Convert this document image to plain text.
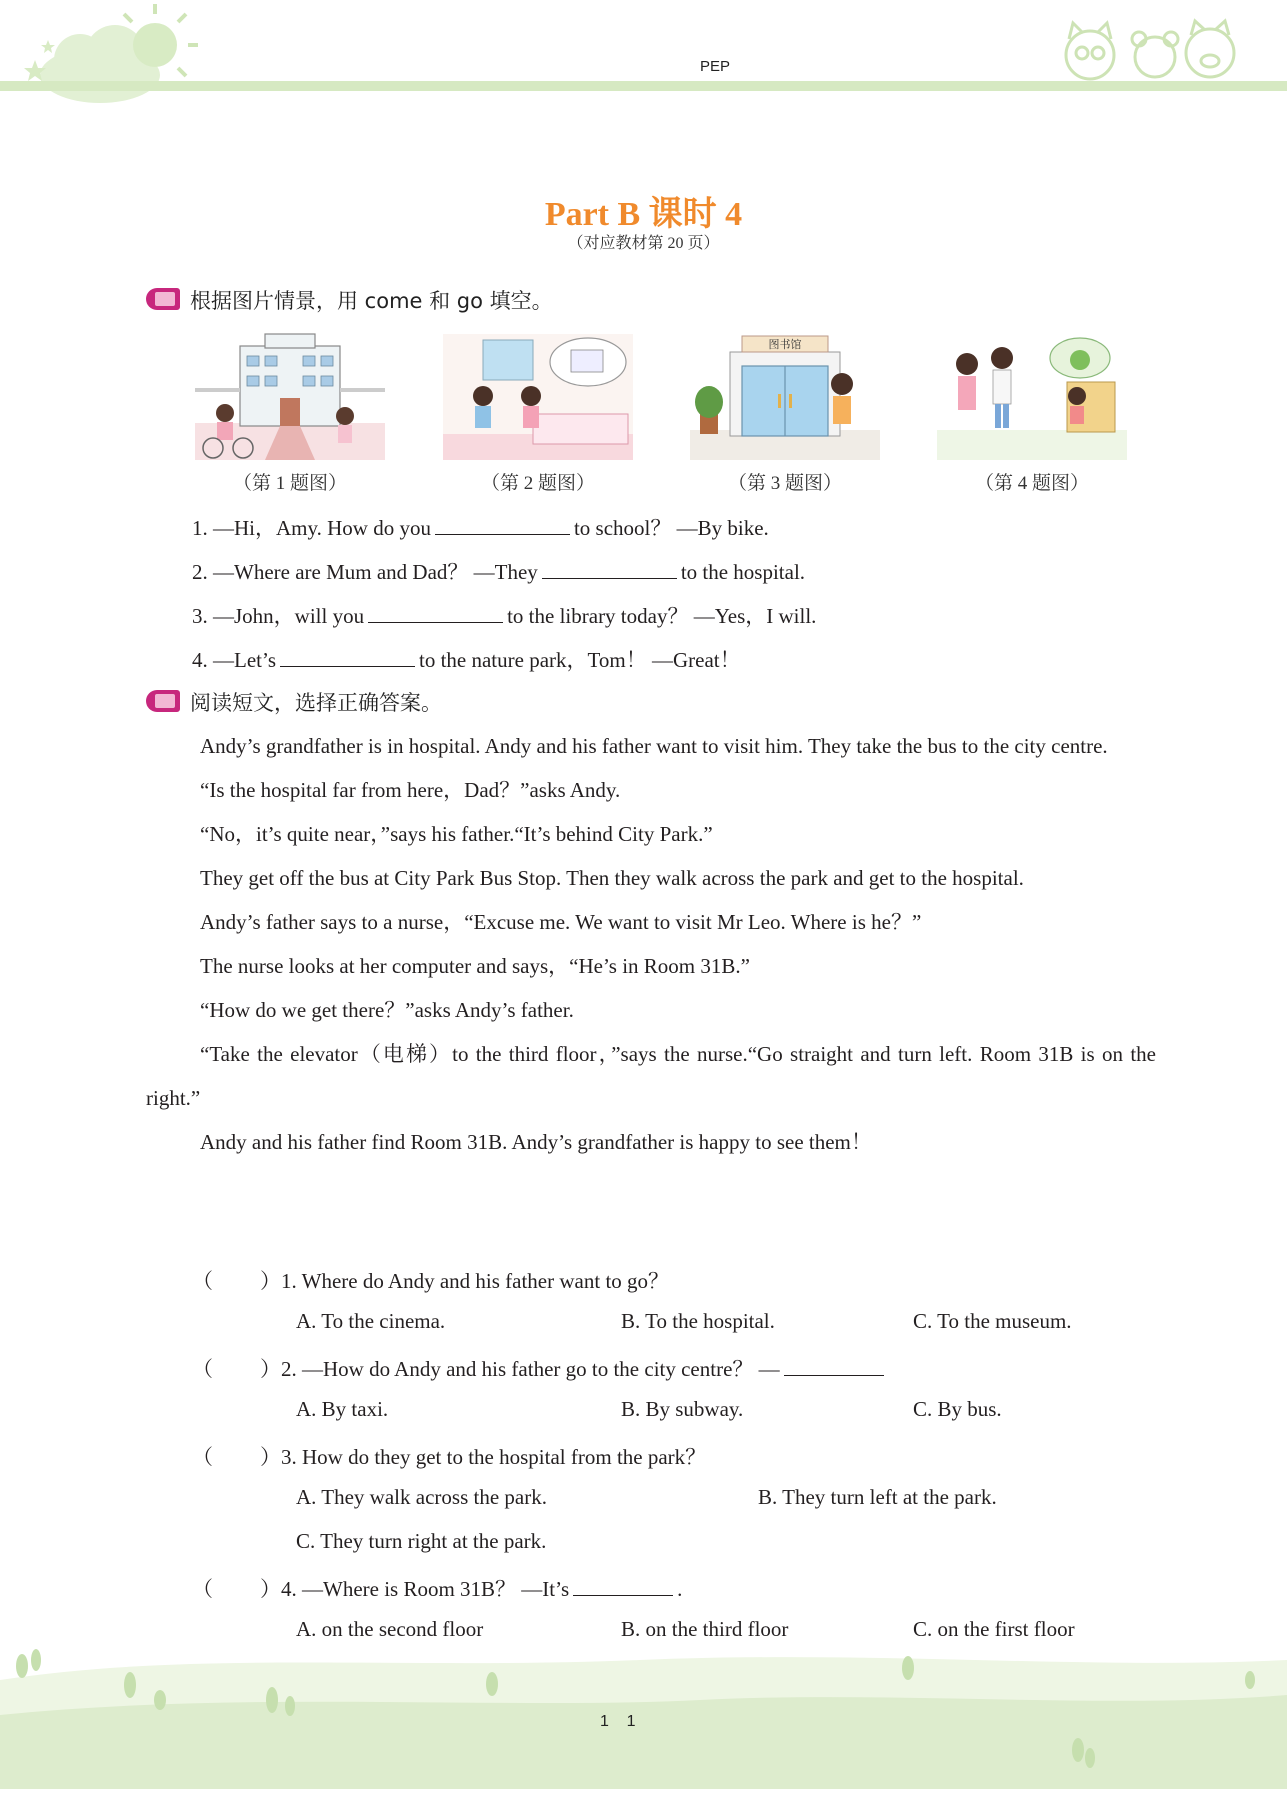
PEP
Part B 课时 4
（对应教材第 20 页）
根据图片情景，用 come 和 go 填空。
图书馆
（第 1 题图）	（第 2 题图）	（第 3 题图）	（第 4 题图）
1. —Hi，Amy. How do you	to school？ —By bike.
2. —Where are Mum and Dad？ —They	to the hospital.
3. —John，will you	to the library today？ —Yes，I will.
4. —Let’s	to the nature park，Tom！ —Great！
阅读短文，选择正确答案。
Andy’s grandfather is in hospital. Andy and his father want to visit him. They take the bus to the city centre.
“Is the hospital far from here，Dad？”asks Andy.
“No，it’s quite near，”says his father.“It’s behind City Park.”
They get off the bus at City Park Bus Stop. Then they walk across the park and get to the hospital.
Andy’s father says to a nurse，“Excuse me. We want to visit Mr Leo. Where is he？”
The nurse looks at her computer and says，“He’s in Room 31B.”
“How do we get there？”asks Andy’s father.
“Take the elevator（电梯）to the third floor，”says the nurse.“Go straight and turn left. Room 31B is on the right.”
Andy and his father find Room 31B. Andy’s grandfather is happy to see them！
（ ）1. Where do Andy and his father want to go？
A. To the cinema.	B. To the hospital.	C. To the museum.
（ ）2. —How do Andy and his father go to the city centre？ —
A. By taxi.	B. By subway.	C. By bus.
（ ）3. How do they get to the hospital from the park？
A. They walk across the park.	B. They turn left at the park.
C. They turn right at the park.
（ ）4. —Where is Room 31B？ —It’s	.
A. on the second floor	B. on the third floor	C. on the first floor
1    1
